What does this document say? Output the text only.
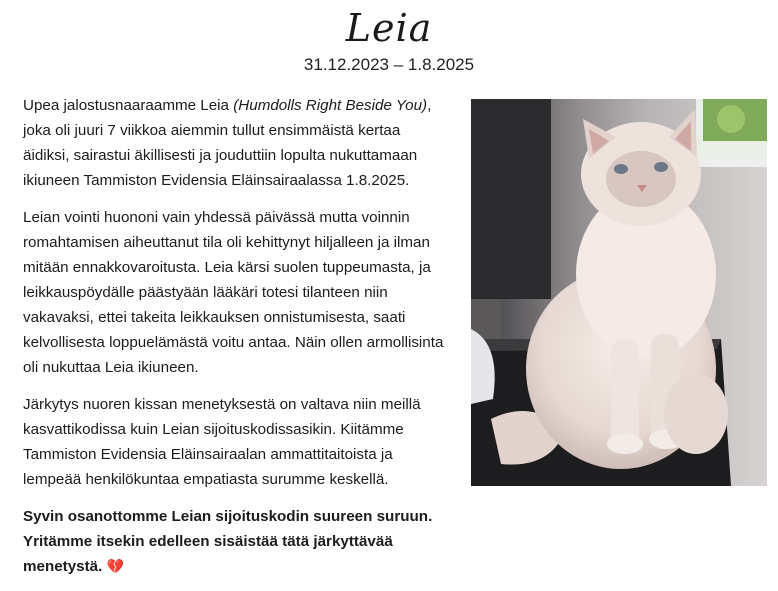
Leia
31.12.2023 – 1.8.2025

Upea jalostusnaaraamme Leia (Humdolls Right Beside You), joka oli juuri 7 viikkoa aiemmin tullut ensimmäistä kertaa äidiksi, sairastui äkillisesti ja jouduttiin lopulta nukuttamaan ikiuneen Tammiston Evidensia Eläinsairaalassa 1.8.2025.

Leian vointi huononi vain yhdessä päivässä mutta voinnin romahtamisen aiheuttanut tila oli kehittynyt hiljalleen ja ilman mitään ennakkovaroitusta. Leia kärsi suolen tuppeumasta, ja leikkauspöydälle päästyään lääkäri totesi tilanteen niin vakavaksi, ettei takeita leikkauksen onnistumisesta, saati kelvollisesta loppuelämästä voitu antaa. Näin ollen armollisinta oli nukuttaa Leia ikiuneen.

Järkytys nuoren kissan menetyksestä on valtava niin meillä kasvattikodissa kuin Leian sijoituskodissasikin. Kiitämme Tammiston Evidensia Eläinsairaalan ammattitaitoista ja lempeää henkilökuntaa empatiasta surumme keskellä.

Syvin osanottomme Leian sijoituskodin suureen suruun. Yritämme itsekin edelleen sisäistää tätä järkyttävää menetystä. 💔
